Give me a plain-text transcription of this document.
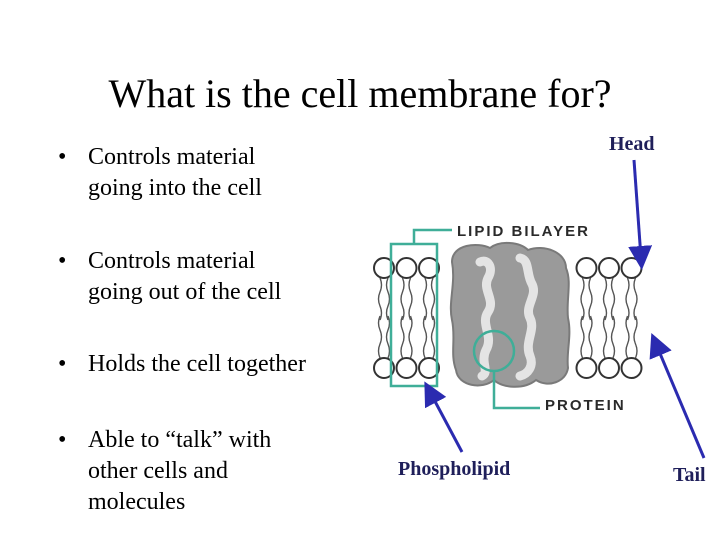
What is the cell membrane for?
• Controls material
going into the cell
• Controls material
going out of the cell
• Holds the cell together
• Able to “talk” with
other cells and
molecules
LIPID BILAYER
PROTEIN
Head
Phospholipid	Tail
